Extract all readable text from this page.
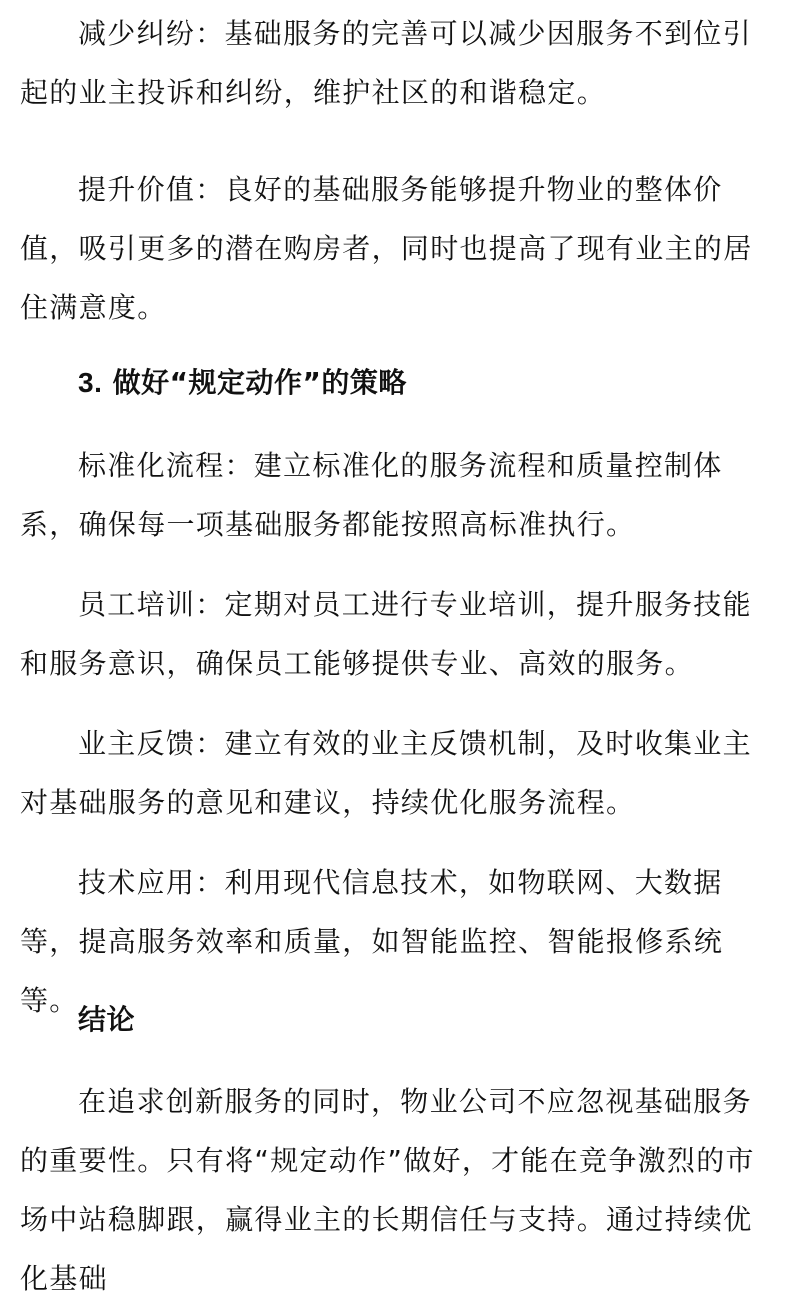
减少纠纷：基础服务的完善可以减少因服务不到位引起的业主投诉和纠纷，维护社区的和谐稳定。

提升价值：良好的基础服务能够提升物业的整体价值，吸引更多的潜在购房者，同时也提高了现有业主的居住满意度。

3. 做好“规定动作”的策略

标准化流程：建立标准化的服务流程和质量控制体系，确保每一项基础服务都能按照高标准执行。

员工培训：定期对员工进行专业培训，提升服务技能和服务意识，确保员工能够提供专业、高效的服务。

业主反馈：建立有效的业主反馈机制，及时收集业主对基础服务的意见和建议，持续优化服务流程。

技术应用：利用现代信息技术，如物联网、大数据等，提高服务效率和质量，如智能监控、智能报修系统等。

结论

在追求创新服务的同时，物业公司不应忽视基础服务的重要性。只有将“规定动作”做好，才能在竞争激烈的市场中站稳脚跟，赢得业主的长期信任与支持。通过持续优化基础
